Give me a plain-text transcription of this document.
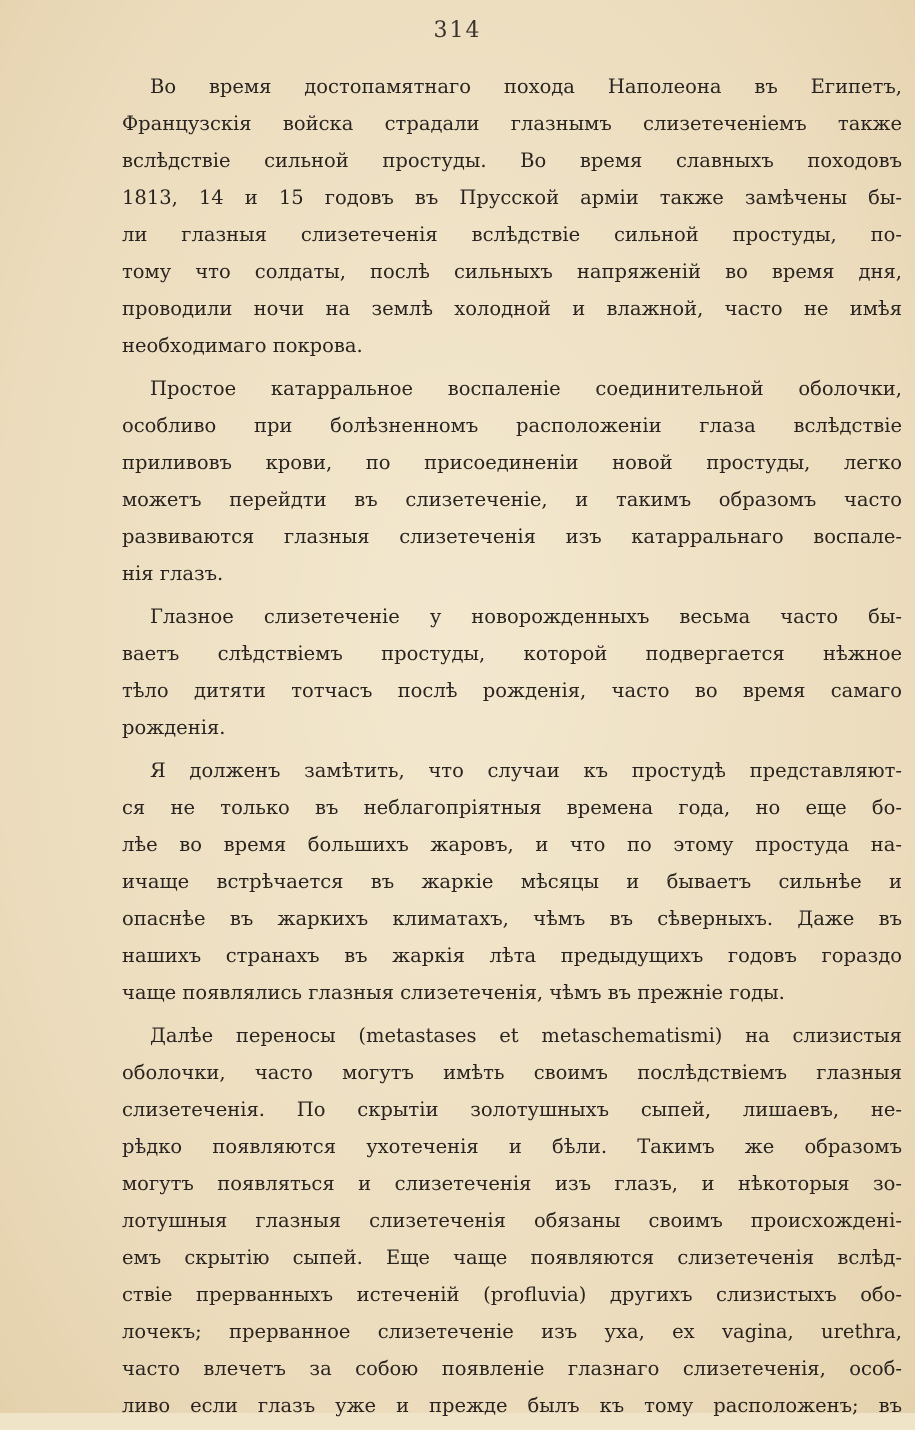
314
Во время достопамятнаго похода Наполеона въ Египетъ,
Французскія войска страдали глазнымъ слизетеченіемъ также
вслѣдствіе сильной простуды. Во время славныхъ походовъ
1813, 14 и 15 годовъ въ Прусской арміи также замѣчены бы-
ли глазныя слизетеченія вслѣдствіе сильной простуды, по-
тому что солдаты, послѣ сильныхъ напряженій во время дня,
проводили ночи на землѣ холодной и влажной, часто не имѣя
необходимаго покрова.
Простое катарральное воспаленіе соединительной оболочки,
особливо при болѣзненномъ расположеніи глаза вслѣдствіе
приливовъ крови, по присоединеніи новой простуды, легко
можетъ перейдти въ слизетеченіе, и такимъ образомъ часто
развиваются глазныя слизетеченія изъ катарральнаго воспале-
нія глазъ.
Глазное слизетеченіе у новорожденныхъ весьма часто бы-
ваетъ слѣдствіемъ простуды, которой подвергается нѣжное
тѣло дитяти тотчасъ послѣ рожденія, часто во время самаго
рожденія.
Я долженъ замѣтить, что случаи къ простудѣ представляют-
ся не только въ неблагопріятныя времена года, но еще бо-
лѣе во время большихъ жаровъ, и что по этому простуда на-
ичаще встрѣчается въ жаркіе мѣсяцы и бываетъ сильнѣе и
опаснѣе въ жаркихъ климатахъ, чѣмъ въ сѣверныхъ. Даже въ
нашихъ странахъ въ жаркія лѣта предыдущихъ годовъ гораздо
чаще появлялись глазныя слизетеченія, чѣмъ въ прежніе годы.
Далѣе переносы (metastases et metaschematismi) на слизистыя
оболочки, часто могутъ имѣть своимъ послѣдствіемъ глазныя
слизетеченія. По скрытіи золотушныхъ сыпей, лишаевъ, не-
рѣдко появляются ухотеченія и бѣли. Такимъ же образомъ
могутъ появляться и слизетеченія изъ глазъ, и нѣкоторыя зо-
лотушныя глазныя слизетеченія обязаны своимъ происхожденi-
емъ скрытію сыпей. Еще чаще появляются слизетеченія вслѣд-
ствіе прерванныхъ истеченій (profluvia) другихъ слизистыхъ обо-
лочекъ; прерванное слизетеченіе изъ уха, ex vagina, urethra,
часто влечетъ за собою появленіе глазнаго слизетеченія, особ-
ливо если глазъ уже и прежде былъ къ тому расположенъ; въ
